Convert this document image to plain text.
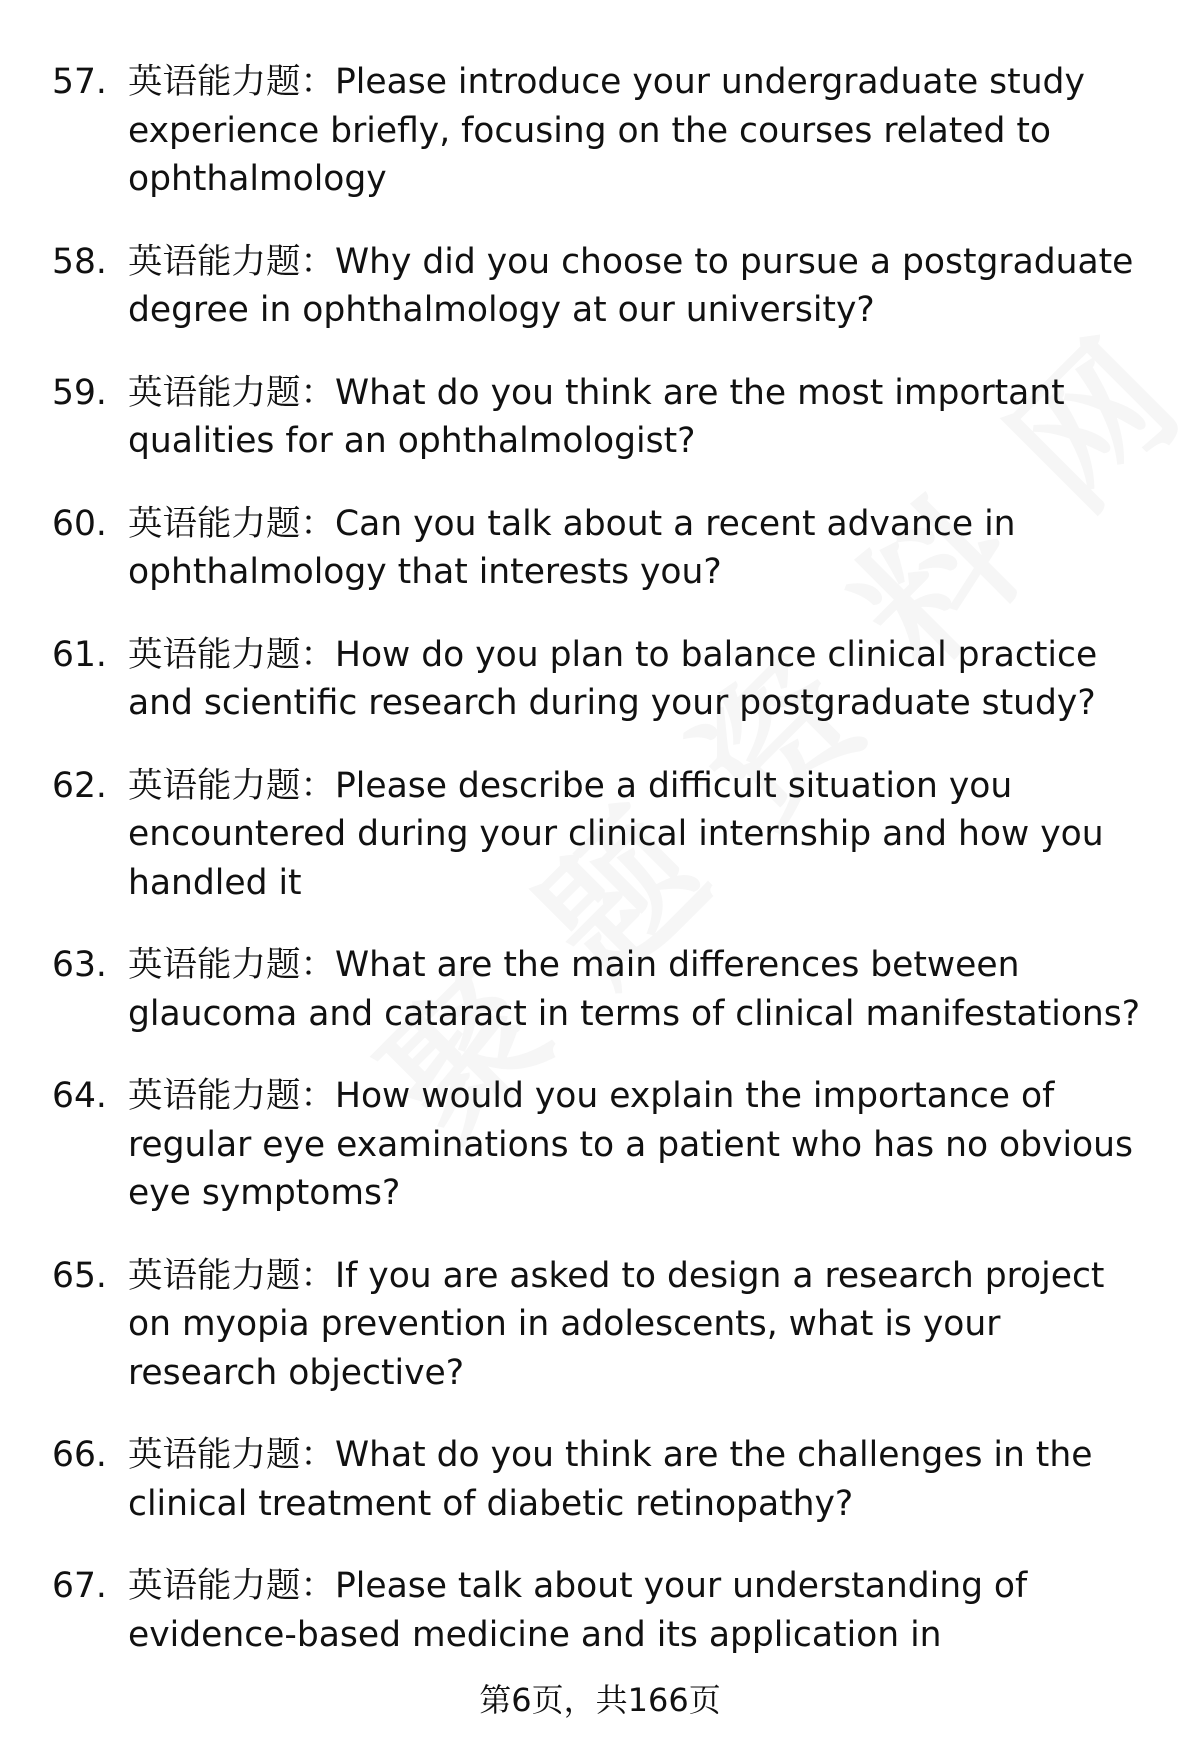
57. 英语能力题：Please introduce your undergraduate study experience briefly, focusing on the courses related to ophthalmology
58. 英语能力题：Why did you choose to pursue a postgraduate degree in ophthalmology at our university?
59. 英语能力题：What do you think are the most important qualities for an ophthalmologist?
60. 英语能力题：Can you talk about a recent advance in ophthalmology that interests you?
61. 英语能力题：How do you plan to balance clinical practice and scientific research during your postgraduate study?
62. 英语能力题：Please describe a difficult situation you encountered during your clinical internship and how you handled it
63. 英语能力题：What are the main differences between glaucoma and cataract in terms of clinical manifestations?
64. 英语能力题：How would you explain the importance of regular eye examinations to a patient who has no obvious eye symptoms?
65. 英语能力题：If you are asked to design a research project on myopia prevention in adolescents, what is your research objective?
66. 英语能力题：What do you think are the challenges in the clinical treatment of diabetic retinopathy?
67. 英语能力题：Please talk about your understanding of evidence-based medicine and its application in
第6页，共166页
